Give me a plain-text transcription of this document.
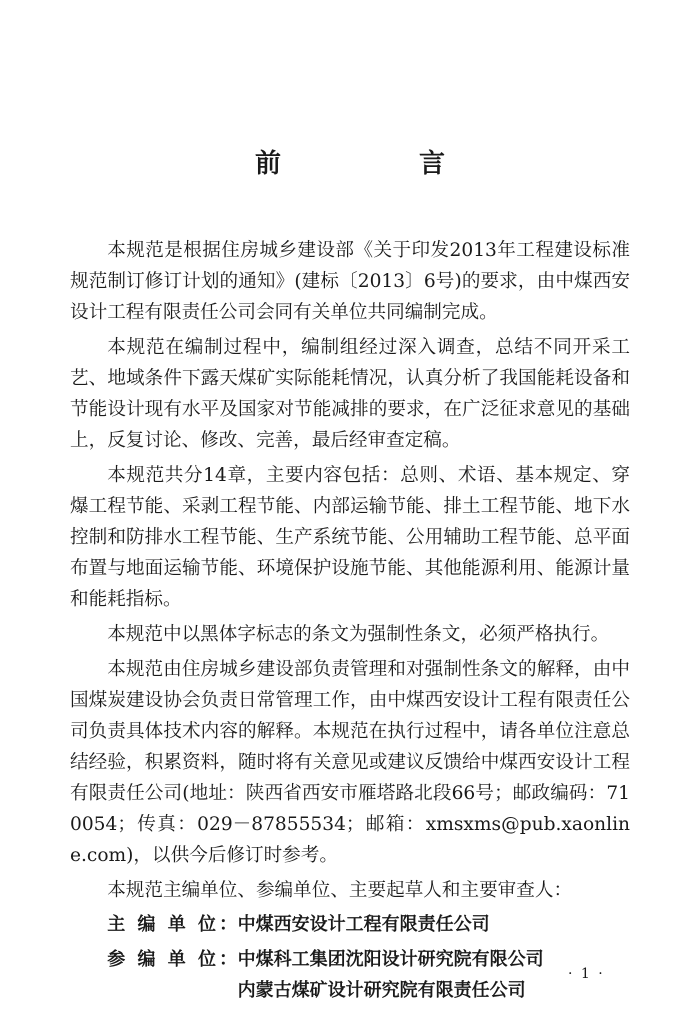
前　言

本规范是根据住房城乡建设部《关于印发2013年工程建设标准规范制订修订计划的通知》(建标〔2013〕6号)的要求，由中煤西安设计工程有限责任公司会同有关单位共同编制完成。

本规范在编制过程中，编制组经过深入调查，总结不同开采工艺、地域条件下露天煤矿实际能耗情况，认真分析了我国能耗设备和节能设计现有水平及国家对节能减排的要求，在广泛征求意见的基础上，反复讨论、修改、完善，最后经审查定稿。

本规范共分14章，主要内容包括：总则、术语、基本规定、穿爆工程节能、采剥工程节能、内部运输节能、排土工程节能、地下水控制和防排水工程节能、生产系统节能、公用辅助工程节能、总平面布置与地面运输节能、环境保护设施节能、其他能源利用、能源计量和能耗指标。

本规范中以黑体字标志的条文为强制性条文，必须严格执行。

本规范由住房城乡建设部负责管理和对强制性条文的解释，由中国煤炭建设协会负责日常管理工作，由中煤西安设计工程有限责任公司负责具体技术内容的解释。本规范在执行过程中，请各单位注意总结经验，积累资料，随时将有关意见或建议反馈给中煤西安设计工程有限责任公司(地址：陕西省西安市雁塔路北段66号；邮政编码：710054；传真：029－87855534；邮箱：xmsxms@pub.xaonline.com)，以供今后修订时参考。

本规范主编单位、参编单位、主要起草人和主要审查人：

主 编 单 位 ： 中煤西安设计工程有限责任公司
参 编 单 位 ： 中煤科工集团沈阳设计研究院有限公司
内蒙古煤矿设计研究院有限责任公司
· 1 ·
